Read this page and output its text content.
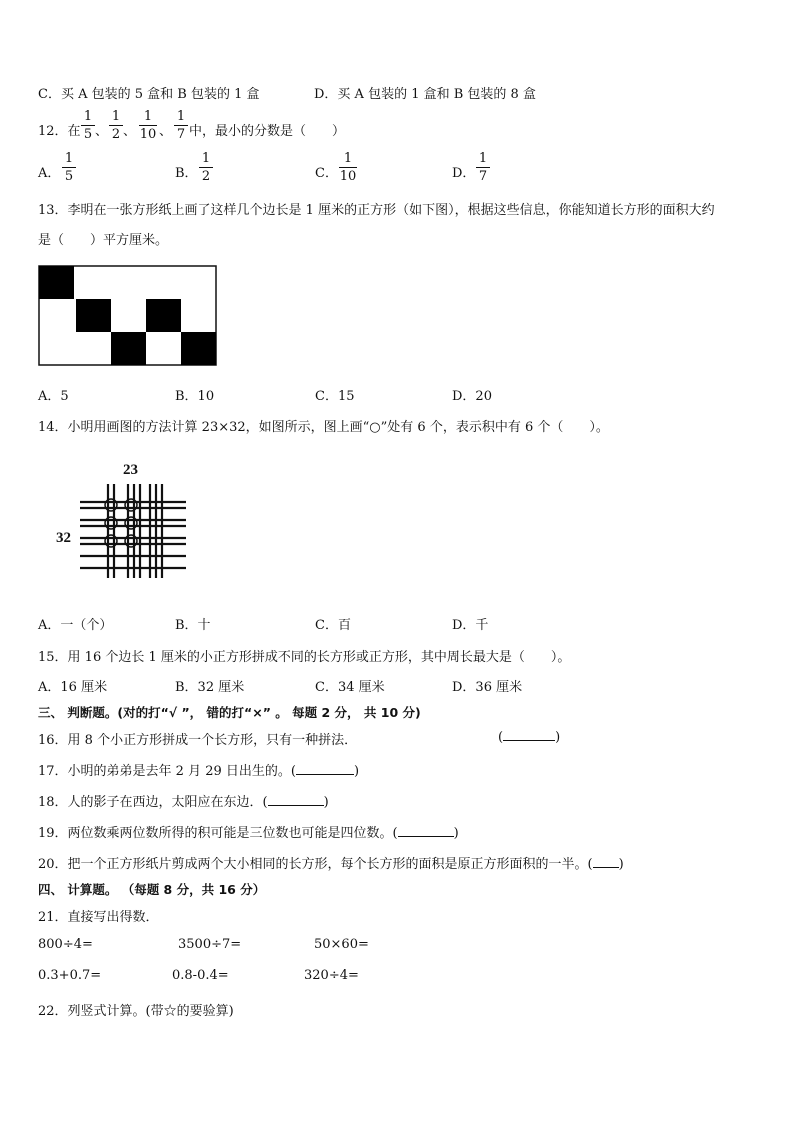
C．买 A 包装的 5 盒和 B 包装的 1 盒	D．买 A 包装的 1 盒和 B 包装的 8 盒
12．在
1
5 、
1
2 、
1
10 、
1
7 中，最小的分数是（　　）
A．
1
5	B．
1
2	C．
1
10	D．
1
7
13．李明在一张方形纸上画了这样几个边长是 1 厘米的正方形（如下图），根据这些信息，你能知道长方形的面积大约
是（　　）平方厘米。
A．5	B．10	C．15	D．20
14．小明用画图的方法计算 23×32，如图所示，图上画“○”处有 6 个，表示积中有 6 个（　　）。
23
32
A．一（个）	B．十	C．百	D．千
15．用 16 个边长 1 厘米的小正方形拼成不同的长方形或正方形，其中周长最大是（　　）。
A．16 厘米	B．32 厘米	C．34 厘米	D．36 厘米
三、 判断题。(对的打“√ ”， 错的打“×” 。 每题 2 分， 共 10 分)
16．用 8 个小正方形拼成一个长方形，只有一种拼法．	(	)
17．小明的弟弟是去年 2 月 29 日出生的。(	)
18．人的影子在西边，太阳应在东边．(	)
19．两位数乘两位数所得的积可能是三位数也可能是四位数。(	)
20．把一个正方形纸片剪成两个大小相同的长方形，每个长方形的面积是原正方形面积的一半。( )
四、 计算题。 （每题 8 分，共 16 分）
21．直接写出得数．
800÷4=	3500÷7=	50×60=
0.3+0.7=	0.8-0.4=	320÷4=
22．列竖式计算。(带☆的要验算)
